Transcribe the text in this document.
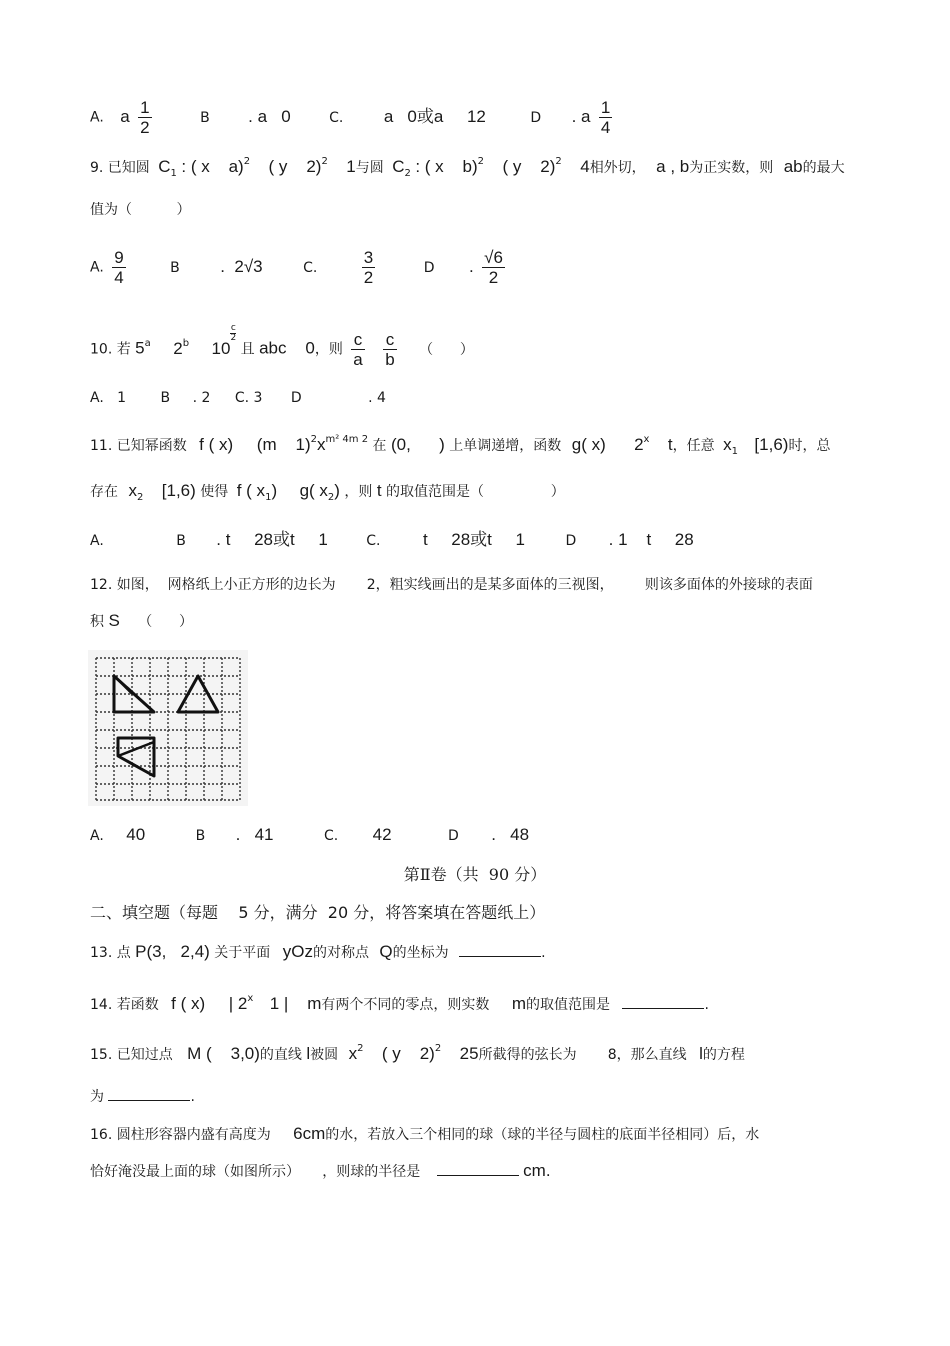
A. a $\frac{1}{2}$	B . a   0	C. a   0或a     12	D . a $\frac{1}{4}$
9. 已知圆 $C_1$ : ( x    a)$^2$ ( y    2)$^2$ 1与圆 $C_2$ : ( x    b)$^2$ ( y    2)$^2$ 4相外切， a , b为正实数，则 ab的最大
值为（          ）
A. $\frac{9}{4}$	B .  2√3	C.	$\frac{3}{2}$	D . $\frac{√6}{2}$
10. 若 5$^a$ 2$^b$ 10
$\frac{c}{2}$
且 abc    0，则 $\frac{c}{a}$
$\frac{c}{b}$ （      ）
A.   1 B . 2 C. 3 D	. 4
11. 已知幂函数 f ( x)     (m    $1)^2x^{m^2 4m 2}$ 在 (0,      ) 上单调递增，函数 g( x)      2$^x$ t，任意 $x_1$ [1,6)时，总
存在 $x_2$ [1,6) 使得 f ( $x_1$) g( $x_2$) ，则 t 的取值范围是（               ）
A.	B . t     28或t     1	C. t     28或t     1	D . 1    t     28
12. 如图，  网格纸上小正方形的边长为       2，粗实线画出的是某多面体的三视图，       则该多面体的外接球的表面
积 S （      ）
A. 40	B .   41	C. 42	D .   48
第Ⅱ卷（共  90 分）
二、填空题（每题    5 分，满分  20 分，将答案填在答题纸上）
13. 点 P(3,   2,4) 关于平面 yOz的对称点 Q的坐标为	.
14. 若函数 f ( x)     | 2$^x$ 1 |    m有两个不同的零点，则实数 m的取值范围是	.
15. 已知过点 M (    3,0)的直线 l被圆 $x^2$ ( y    2)$^2$ 25所截得的弦长为       8，那么直线 l的方程
为	.
16. 圆柱形容器内盛有高度为 6cm的水，若放入三个相同的球（球的半径与圆柱的底面半径相同）后，水
恰好淹没最上面的球（如图所示）     ，则球的半径是	cm.
